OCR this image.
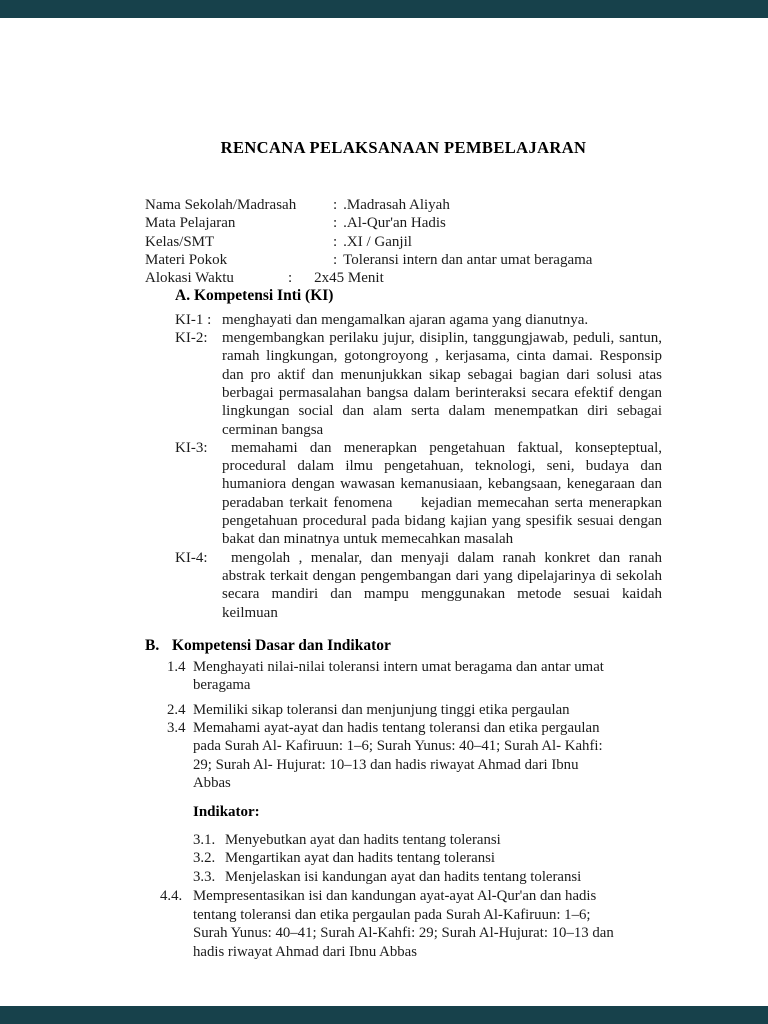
RENCANA PELAKSANAAN PEMBELAJARAN
Nama Sekolah/Madrasah	: .Madrasah Aliyah
Mata Pelajaran	: .Al-Qur'an Hadis
Kelas/SMT	: .XI / Ganjil
Materi Pokok	: Toleransi intern dan antar umat beragama
Alokasi Waktu	:	2x45 Menit
A. Kompetensi Inti (KI)
KI-1 : menghayati dan mengamalkan ajaran agama yang dianutnya.

KI-2: mengembangkan perilaku jujur, disiplin, tanggungjawab, peduli, santun, ramah lingkungan, gotongroyong , kerjasama, cinta damai. Responsip dan pro aktif dan menunjukkan sikap sebagai bagian dari solusi atas berbagai permasalahan bangsa dalam berinteraksi secara efektif dengan lingkungan social dan alam serta dalam menempatkan diri sebagai cerminan bangsa

KI-3:	memahami dan menerapkan pengetahuan faktual, konsepteptual, procedural dalam ilmu pengetahuan, teknologi, seni, budaya dan humaniora dengan wawasan kemanusiaan, kebangsaan, kenegaraan dan peradaban terkait fenomena     kejadian memecahan serta menerapkan pengetahuan procedural pada bidang kajian yang spesifik sesuai dengan bakat dan minatnya untuk memecahkan masalah

KI-4:	mengolah , menalar, dan menyaji dalam ranah konkret dan ranah abstrak terkait dengan pengembangan dari yang dipelajarinya di sekolah secara mandiri dan mampu menggunakan metode sesuai kaidah keilmuan

B. Kompetensi Dasar dan Indikator
1.4 Menghayati nilai-nilai toleransi intern umat beragama dan antar umat beragama

2.4 Memiliki sikap toleransi dan menjunjung tinggi etika pergaulan

3.4 Memahami ayat-ayat dan hadis tentang toleransi dan etika pergaulan pada Surah Al- Kafiruun: 1–6; Surah Yunus: 40–41; Surah Al- Kahfi: 29; Surah Al- Hujurat: 10–13 dan hadis riwayat Ahmad dari Ibnu Abbas

Indikator:
3.1. Menyebutkan ayat dan hadits tentang toleransi

3.2. Mengartikan ayat dan hadits tentang toleransi

3.3. Menjelaskan isi kandungan ayat dan hadits tentang toleransi

4.4. Mempresentasikan isi dan kandungan ayat-ayat Al-Qur'an dan hadis tentang toleransi dan etika pergaulan pada Surah Al-Kafiruun: 1–6; Surah Yunus: 40–41; Surah Al-Kahfi: 29; Surah Al-Hujurat: 10–13 dan hadis riwayat Ahmad dari Ibnu Abbas
